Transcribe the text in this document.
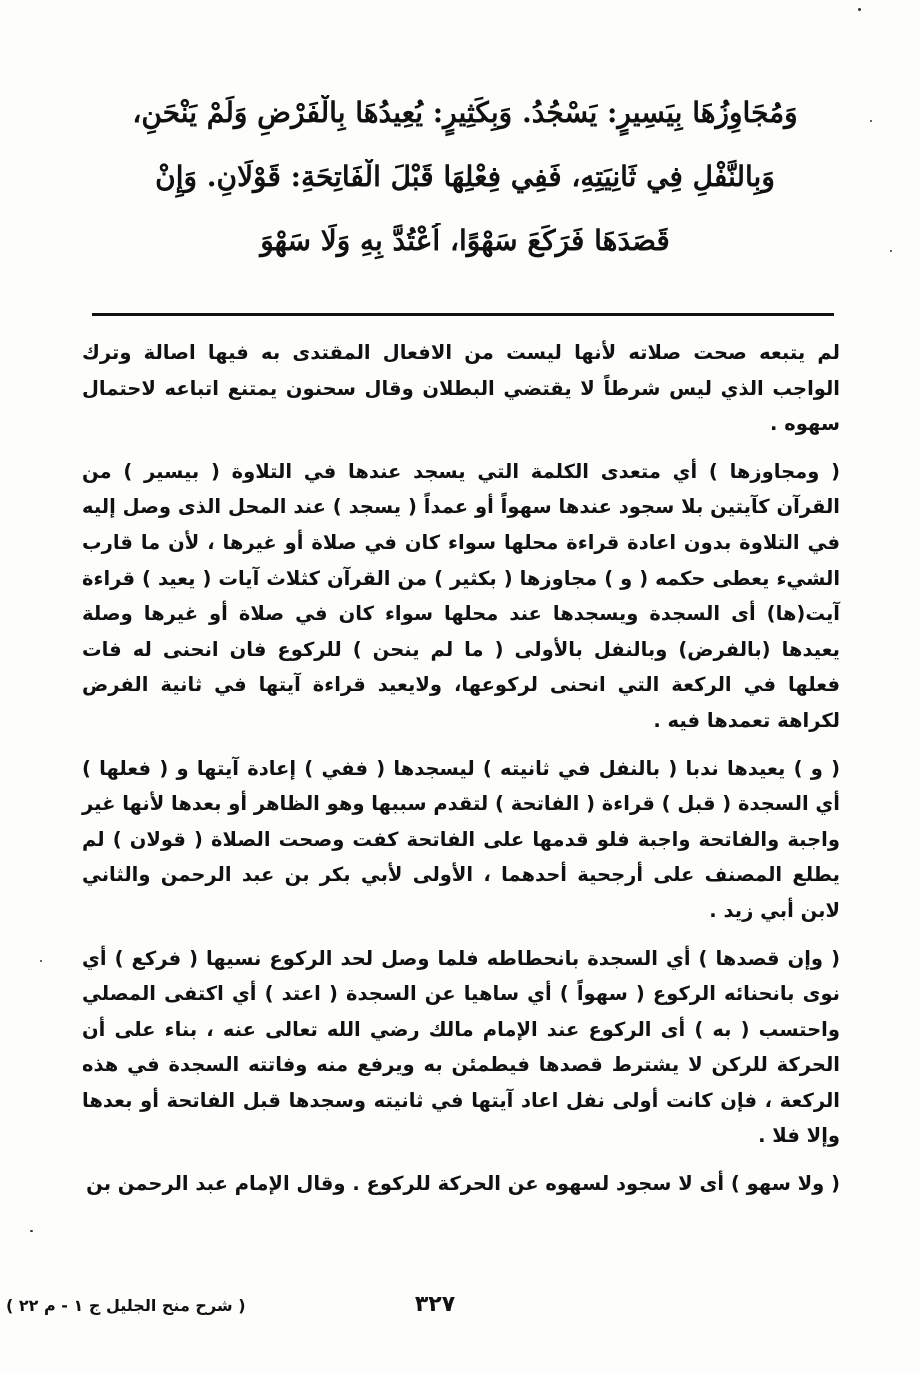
وَمُجَاوِزُهَا بِيَسِيرٍ: يَسْجُدُ. وَبِكَثِيرٍ: يُعِيدُهَا بِالْفَرْضِ وَلَمْ يَنْحَنِ،
وَبِالنَّفْلِ فِي ثَانِيَتِهِ، فَفِي فِعْلِهَا قَبْلَ الْفَاتِحَةِ: قَوْلَانِ. وَإِنْ
قَصَدَهَا فَرَكَعَ سَهْوًا، اُعْتُدَّ بِهِ وَلَا سَهْوَ

لم يتبعه صحت صلاته لأنها ليست من الافعال المقتدى به فيها اصالة وترك الواجب الذي ليس شرطاً لا يقتضي البطلان وقال سحنون يمتنع اتباعه لاحتمال سهوه .

( ومجاوزها ) أي متعدى الكلمة التي يسجد عندها في التلاوة ( بيسير ) من القرآن كآيتين بلا سجود عندها سهواً أو عمداً ( يسجد ) عند المحل الذى وصل إليه في التلاوة بدون اعادة قراءة محلها سواء كان في صلاة أو غيرها ، لأن ما قارب الشيء يعطى حكمه ( و ) مجاوزها ( بكثير ) من القرآن كثلاث آيات ( يعيد ) قراءة آيت(ها) أى السجدة ويسجدها عند محلها سواء كان في صلاة أو غيرها وصلة يعيدها (بالفرض) وبالنفل بالأولى ( ما لم ينحن ) للركوع فان انحنى له فات فعلها في الركعة التي انحنى لركوعها، ولايعيد قراءة آيتها في ثانية الفرض لكراهة تعمدها فيه .

( و ) يعيدها ندبا ( بالنفل في ثانيته ) ليسجدها ( ففي ) إعادة آيتها و ( فعلها ) أي السجدة ( قبل ) قراءة ( الفاتحة ) لتقدم سببها وهو الظاهر أو بعدها لأنها غير واجبة والفاتحة واجبة فلو قدمها على الفاتحة كفت وصحت الصلاة ( قولان ) لم يطلع المصنف على أرجحية أحدهما ، الأولى لأبي بكر بن عبد الرحمن والثاني لابن أبي زيد .

( وإن قصدها ) أي السجدة بانحطاطه فلما وصل لحد الركوع نسيها ( فركع ) أي نوى بانحنائه الركوع ( سهواً ) أي ساهيا عن السجدة ( اعتد ) أي اكتفى المصلي واحتسب ( به ) أى الركوع عند الإمام مالك رضي الله تعالى عنه ، بناء على أن الحركة للركن لا يشترط قصدها فيطمئن به ويرفع منه وفاتته السجدة في هذه الركعة ، فإن كانت أولى نفل اعاد آيتها في ثانيته وسجدها قبل الفاتحة أو بعدها وإلا فلا .

( ولا سهو ) أى لا سجود لسهوه عن الحركة للركوع . وقال الإمام عبد الرحمن بن

٣٢٧
( شرح منح الجليل ج ١ - م ٢٢ )
